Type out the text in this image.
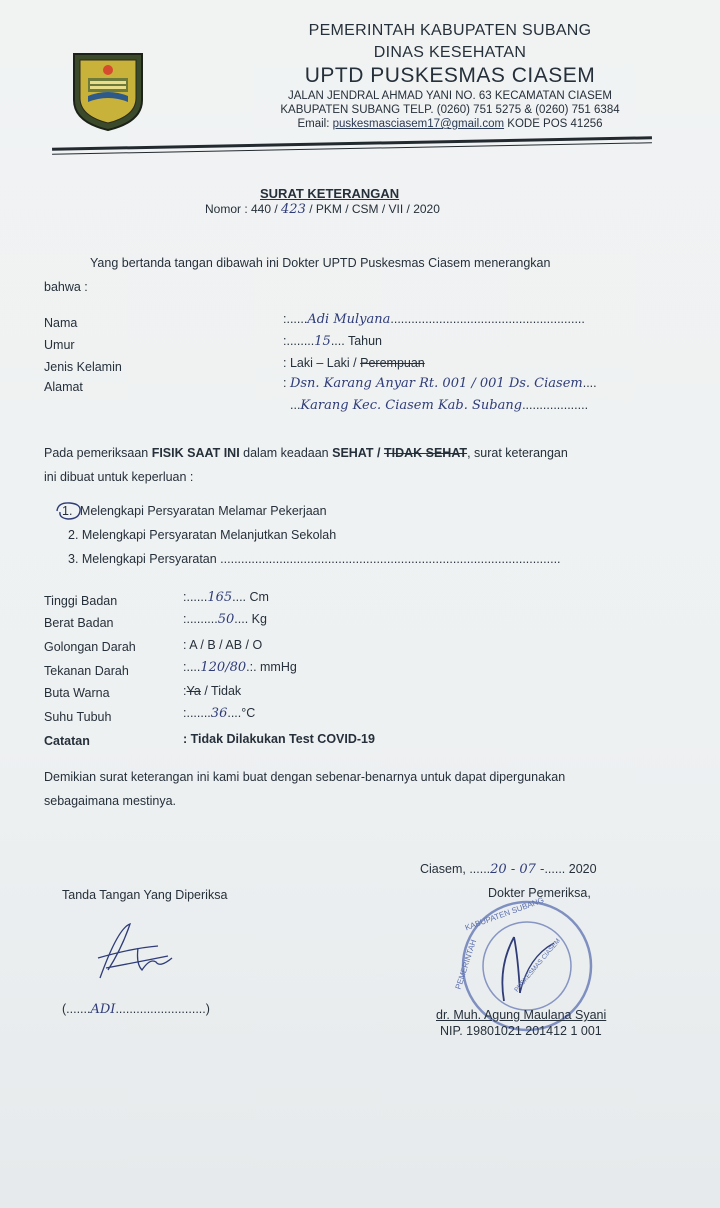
PEMERINTAH KABUPATEN SUBANG
DINAS KESEHATAN
UPTD PUSKESMAS CIASEM
JALAN JENDRAL AHMAD YANI NO. 63 KECAMATAN CIASEM
KABUPATEN SUBANG TELP. (0260) 751 5275 & (0260) 751 6384
Email: puskesmasciasem17@gmail.com KODE POS 41256
SURAT KETERANGAN
Nomor : 440 / 423 / PKM / CSM / VII / 2020
Yang bertanda tangan dibawah ini Dokter UPTD Puskesmas Ciasem menerangkan
bahwa :
Nama	:......Adi Mulyana........................................................
Umur	:........15.... Tahun
Jenis Kelamin	: Laki – Laki / Perempuan
Alamat	: Dsn. Karang Anyar Rt. 001 / 001 Ds. Ciasem....
...Karang Kec. Ciasem Kab. Subang...................
Pada pemeriksaan FISIK SAAT INI dalam keadaan SEHAT / TIDAK SEHAT, surat keterangan
ini dibuat untuk keperluan :
1. Melengkapi Persyaratan Melamar Pekerjaan
2. Melengkapi Persyaratan Melanjutkan Sekolah
3. Melengkapi Persyaratan ..................................................................................................
Tinggi Badan	:......165.... Cm
Berat Badan	:.........50.... Kg
Golongan Darah	: A / B / AB / O
Tekanan Darah	:....120/80.:. mmHg
Buta Warna	:Ya / Tidak
Suhu Tubuh	:.......36....°C
Catatan	: Tidak Dilakukan Test COVID-19
Demikian surat keterangan ini kami buat dengan sebenar-benarnya untuk dapat dipergunakan
sebagaimana mestinya.
Ciasem, ......20 - 07 -...... 2020
Tanda Tangan Yang Diperiksa
(.......ADI..........................)
Dokter Pemeriksa,
KABUPATEN SUBANG
PEMERINTAH	PUSKESMAS CIASEM
dr. Muh. Agung Maulana Syani
NIP. 19801021 201412 1 001
